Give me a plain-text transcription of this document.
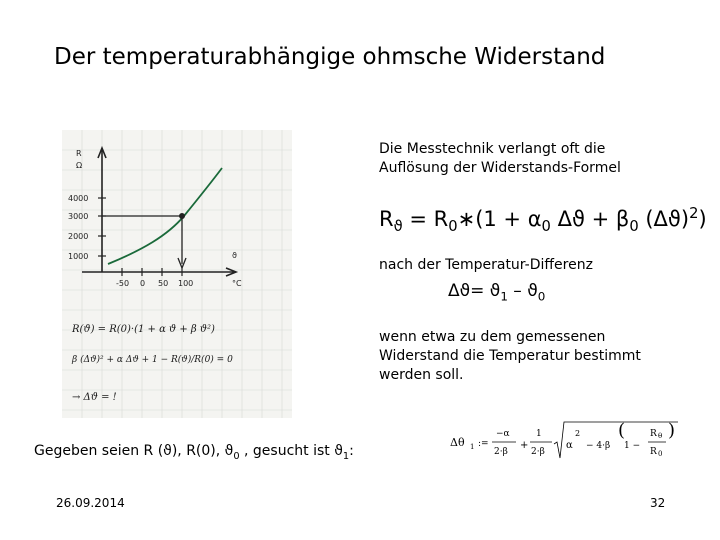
Der temperaturabhängige ohmsche Widerstand
R
Ω
4000
3000
2000
1000
-50 0 50 100
ϑ
°C
R(ϑ) = R(0)·(1 + α ϑ + β ϑ²)
β (Δϑ)² + α Δϑ + 1 − R(ϑ)/R(0) = 0
→ Δϑ = !
Die Messtechnik verlangt oft die Auflösung der Widerstands-Formel
$R_ϑ$ = $R_0∗(1 + \alpha_0$ $\Delta ϑ + \beta_0$ $(\Delta ϑ)^2$)
nach der Temperatur-Differenz
$\Delta ϑ= ϑ_1 - ϑ_0$
wenn etwa zu dem gemessenen Widerstand die Temperatur bestimmt werden soll.
Gegeben seien R (ϑ), R(0), $ϑ_0$ , gesucht ist $ϑ_1$:
Δθ 1 :=
−α
2·β
+
1
2·β
α
2
− 4·β
(
1 −
R θ
R 0
)
26.09.2014	32
